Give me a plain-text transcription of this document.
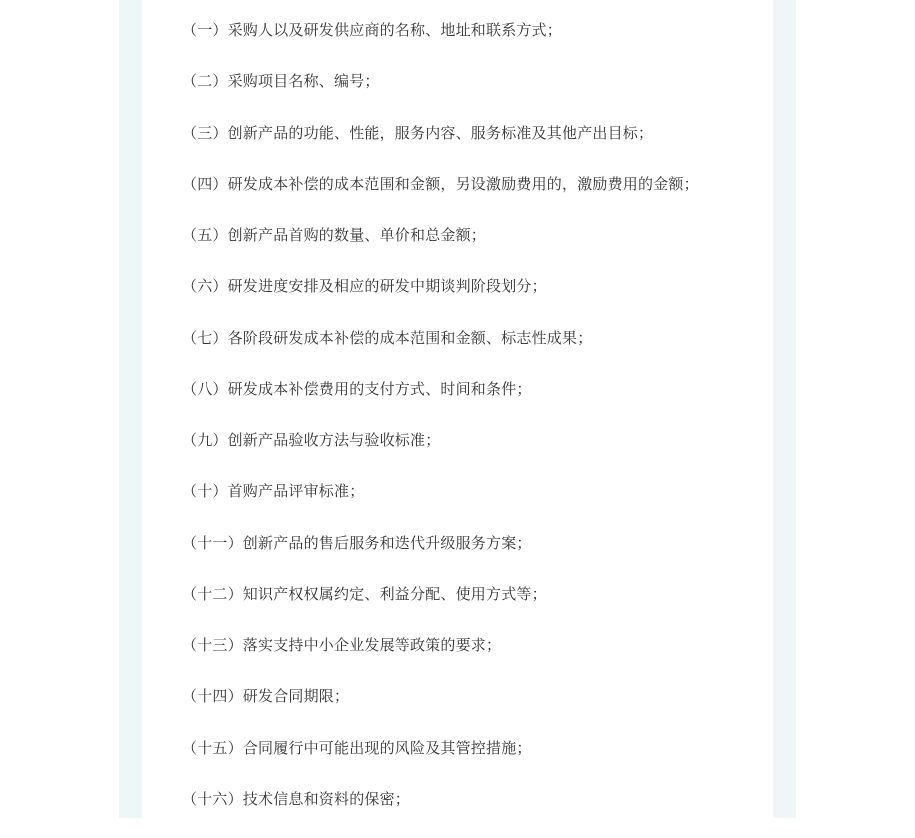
（一）采购人以及研发供应商的名称、地址和联系方式；
（二）采购项目名称、编号；
（三）创新产品的功能、性能，服务内容、服务标准及其他产出目标；
（四）研发成本补偿的成本范围和金额，另设激励费用的，激励费用的金额；
（五）创新产品首购的数量、单价和总金额；
（六）研发进度安排及相应的研发中期谈判阶段划分；
（七）各阶段研发成本补偿的成本范围和金额、标志性成果；
（八）研发成本补偿费用的支付方式、时间和条件；
（九）创新产品验收方法与验收标准；
（十）首购产品评审标准；
（十一）创新产品的售后服务和迭代升级服务方案；
（十二）知识产权权属约定、利益分配、使用方式等；
（十三）落实支持中小企业发展等政策的要求；
（十四）研发合同期限；
（十五）合同履行中可能出现的风险及其管控措施；
（十六）技术信息和资料的保密；
